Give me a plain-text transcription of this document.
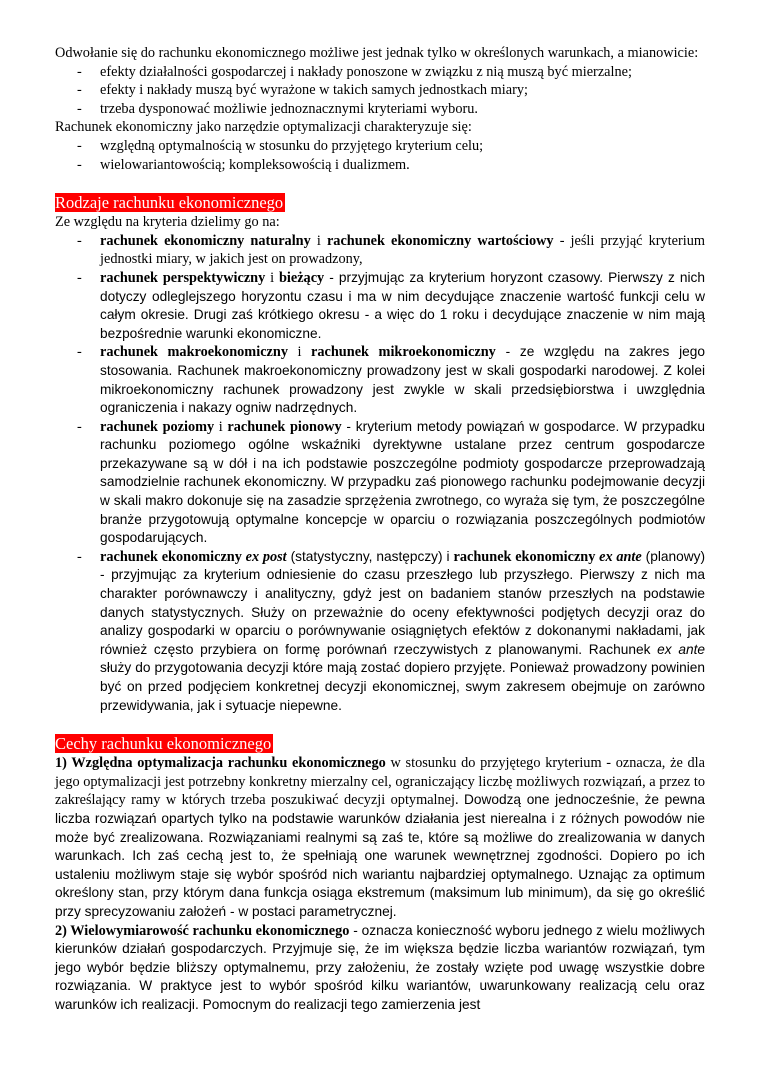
Odwołanie się do rachunku ekonomicznego możliwe jest jednak tylko w określonych warunkach, a mianowicie:

- efekty działalności gospodarczej i nakłady ponoszone w związku z nią muszą być mierzalne;
- efekty i nakłady muszą być wyrażone w takich samych jednostkach miary;
- trzeba dysponować możliwie jednoznacznymi kryteriami wyboru.

Rachunek ekonomiczny jako narzędzie optymalizacji charakteryzuje się:

- względną optymalnością w stosunku do przyjętego kryterium celu;
- wielowariantowością; kompleksowością i dualizmem.
Rodzaje rachunku ekonomicznego

Ze względu na kryteria dzielimy go na:

- rachunek ekonomiczny naturalny i rachunek ekonomiczny wartościowy - jeśli przyjąć kryterium jednostki miary, w jakich jest on prowadzony,
- rachunek perspektywiczny i bieżący - przyjmując za kryterium horyzont czasowy. Pierwszy z nich dotyczy odleglejszego horyzontu czasu i ma w nim decydujące znaczenie wartość funkcji celu w całym okresie. Drugi zaś krótkiego okresu - a więc do 1 roku i decydujące znaczenie w nim mają bezpośrednie warunki ekonomiczne.
- rachunek makroekonomiczny i rachunek mikroekonomiczny - ze względu na zakres jego stosowania. Rachunek makroekonomiczny prowadzony jest w skali gospodarki narodowej. Z kolei mikroekonomiczny rachunek prowadzony jest zwykle w skali przedsiębiorstwa i uwzględnia ograniczenia i nakazy ogniw nadrzędnych.
- rachunek poziomy i rachunek pionowy - kryterium metody powiązań w gospodarce. W przypadku rachunku poziomego ogólne wskaźniki dyrektywne ustalane przez centrum gospodarcze przekazywane są w dół i na ich podstawie poszczególne podmioty gospodarcze przeprowadzają samodzielnie rachunek ekonomiczny. W przypadku zaś pionowego rachunku podejmowanie decyzji w skali makro dokonuje się na zasadzie sprzężenia zwrotnego, co wyraża się tym, że poszczególne branże przygotowują optymalne koncepcje w oparciu o rozwiązania poszczególnych podmiotów gospodarujących.
- rachunek ekonomiczny ex post (statystyczny, następczy) i rachunek ekonomiczny ex ante (planowy) - przyjmując za kryterium odniesienie do czasu przeszłego lub przyszłego. Pierwszy z nich ma charakter porównawczy i analityczny, gdyż jest on badaniem stanów przeszłych na podstawie danych statystycznych. Służy on przeważnie do oceny efektywności podjętych decyzji oraz do analizy gospodarki w oparciu o porównywanie osiągniętych efektów z dokonanymi nakładami, jak również często przybiera on formę porównań rzeczywistych z planowanymi. Rachunek ex ante służy do przygotowania decyzji które mają zostać dopiero przyjęte. Ponieważ prowadzony powinien być on przed podjęciem konkretnej decyzji ekonomicznej, swym zakresem obejmuje on zarówno przewidywania, jak i sytuacje niepewne.
Cechy rachunku ekonomicznego

1) Względna optymalizacja rachunku ekonomicznego w stosunku do przyjętego kryterium - oznacza, że dla jego optymalizacji jest potrzebny konkretny mierzalny cel, ograniczający liczbę możliwych rozwiązań, a przez to zakreślający ramy w których trzeba poszukiwać decyzji optymalnej. Dowodzą one jednocześnie, że pewna liczba rozwiązań opartych tylko na podstawie warunków działania jest nierealna i z różnych powodów nie może być zrealizowana. Rozwiązaniami realnymi są zaś te, które są możliwe do zrealizowania w danych warunkach. Ich zaś cechą jest to, że spełniają one warunek wewnętrznej zgodności. Dopiero po ich ustaleniu możliwym staje się wybór spośród nich wariantu najbardziej optymalnego. Uznając za optimum określony stan, przy którym dana funkcja osiąga ekstremum (maksimum lub minimum), da się go określić przy sprecyzowaniu założeń - w postaci parametrycznej.

2) Wielowymiarowość rachunku ekonomicznego - oznacza konieczność wyboru jednego z wielu możliwych kierunków działań gospodarczych. Przyjmuje się, że im większa będzie liczba wariantów rozwiązań, tym jego wybór będzie bliższy optymalnemu, przy założeniu, że zostały wzięte pod uwagę wszystkie dobre rozwiązania. W praktyce jest to wybór spośród kilku wariantów, uwarunkowany realizacją celu oraz warunków ich realizacji. Pomocnym do realizacji tego zamierzenia jest
